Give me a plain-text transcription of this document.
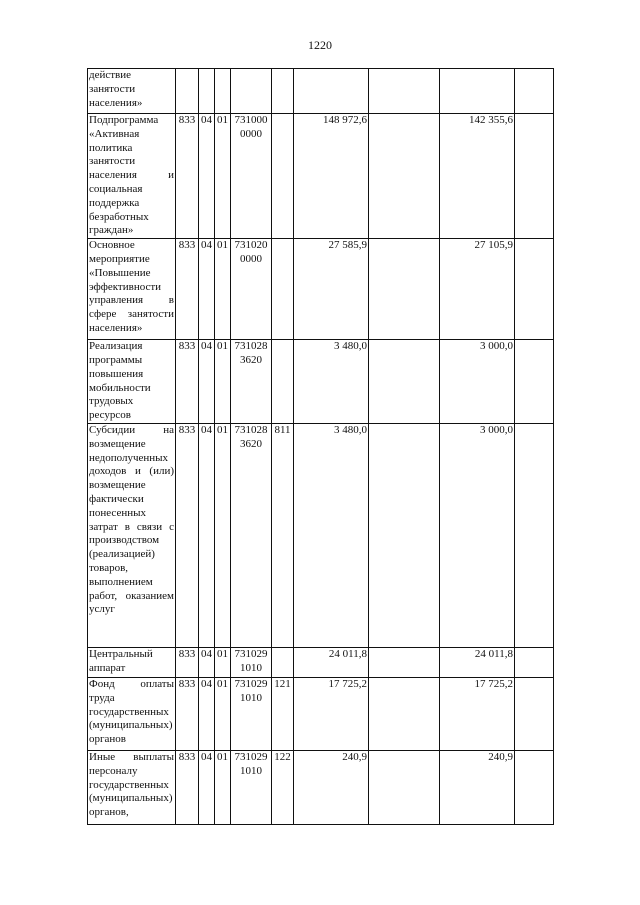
1220
действие занятости населения»									
Подпрограмма «Активная политика занятости населения и социальная поддержка безработных граждан»	833	04	01	7310000000		148 972,6		142 355,6	
Основное мероприятие «Повышение эффективности управления в сфере занятости населения»	833	04	01	7310200000		27 585,9		27 105,9	
Реализация программы повышения мобильности трудовых ресурсов	833	04	01	7310283620		3 480,0		3 000,0	
Субсидии на возмещение недополученных доходов и (или) возмещение фактически понесенных затрат в связи с производством (реализацией) товаров, выполнением работ, оказанием услуг	833	04	01	7310283620	811	3 480,0		3 000,0	
Центральный аппарат	833	04	01	7310291010		24 011,8		24 011,8	
Фонд оплаты труда государственных (муниципальных) органов	833	04	01	7310291010	121	17 725,2		17 725,2	
Иные выплаты персоналу государственных (муниципальных) органов,	833	04	01	7310291010	122	240,9		240,9	
